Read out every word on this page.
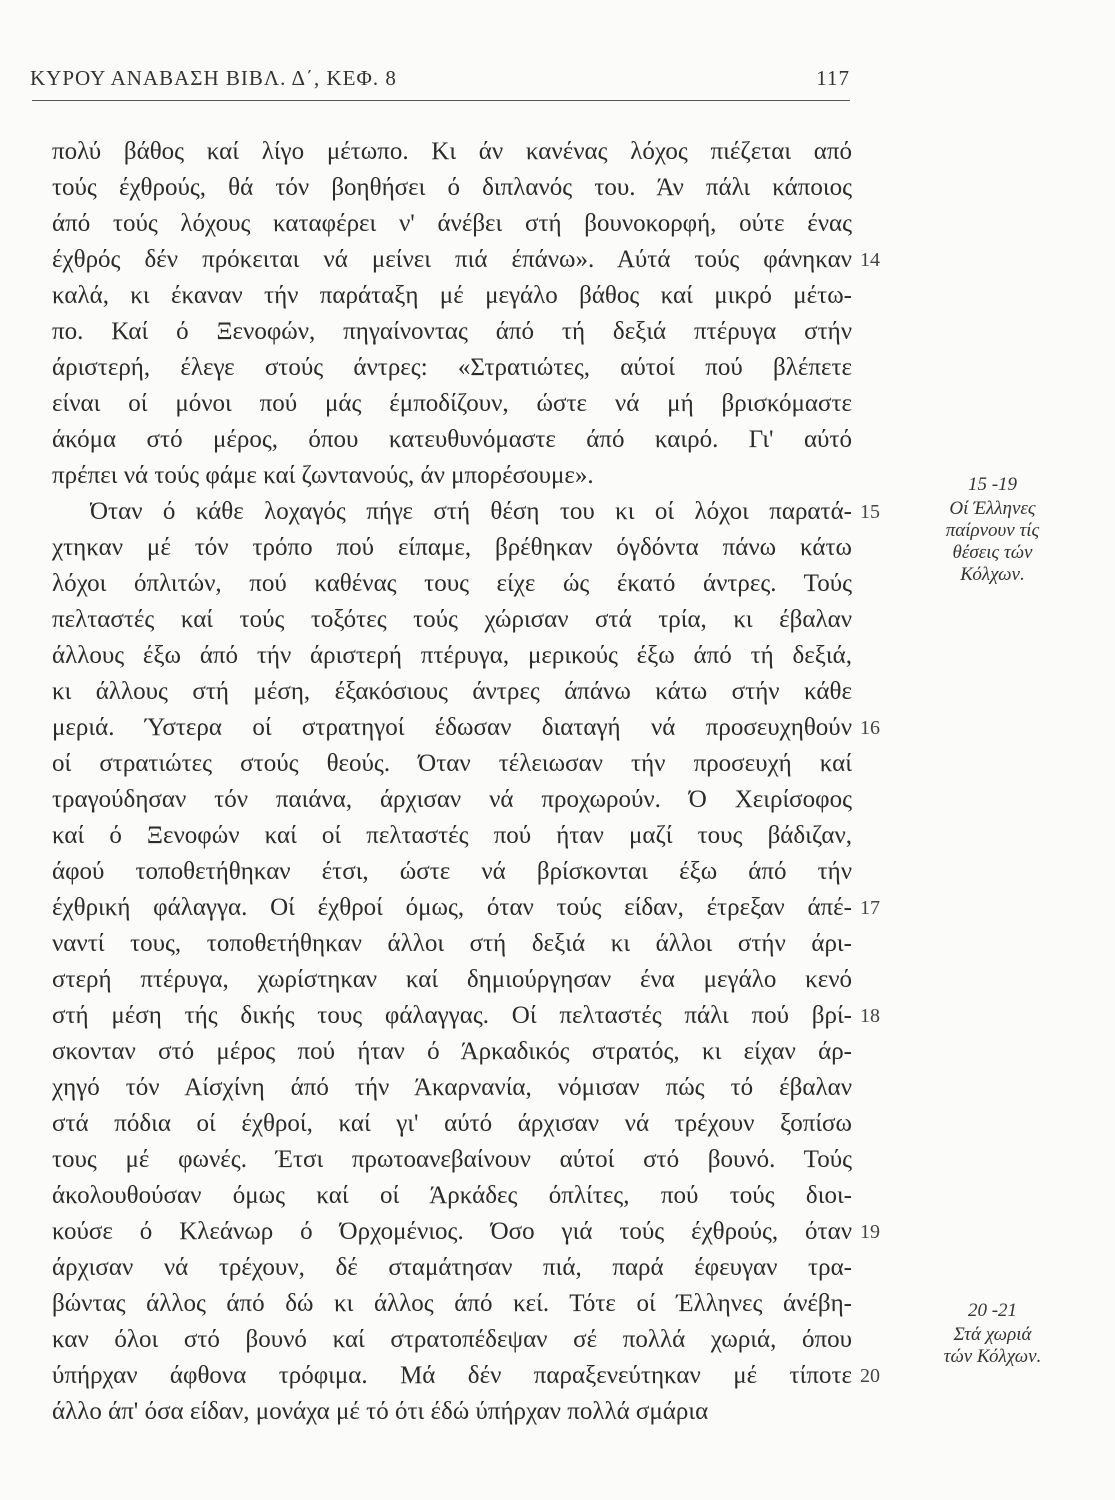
ΚΥΡΟΥ ΑΝΑΒΑΣΗ ΒΙΒΛ. Δ΄, ΚΕΦ. 8	117
πολύ βάθος καί λίγο μέτωπο. Κι άν κανένας λόχος πιέζεται από
τούς έχθρούς, θά τόν βοηθήσει ό διπλανός του. Άν πάλι κάποιος
άπό τούς λόχους καταφέρει ν' άνέβει στή βουνοκορφή, ούτε ένας
έχθρός δέν πρόκειται νά μείνει πιά έπάνω». Αύτά τούς φάνηκαν
καλά, κι έκαναν τήν παράταξη μέ μεγάλο βάθος καί μικρό μέτω-
πο. Καί ό Ξενοφών, πηγαίνοντας άπό τή δεξιά πτέρυγα στήν
άριστερή, έλεγε στούς άντρες: «Στρατιώτες, αύτοί πού βλέπετε
είναι οί μόνοι πού μάς έμποδίζουν, ώστε νά μή βρισκόμαστε
άκόμα στό μέρος, όπου κατευθυνόμαστε άπό καιρό. Γι' αύτό
πρέπει νά τούς φάμε καί ζωντανούς, άν μπορέσουμε».
Όταν ό κάθε λοχαγός πήγε στή θέση του κι οί λόχοι παρατά-
χτηκαν μέ τόν τρόπο πού είπαμε, βρέθηκαν όγδόντα πάνω κάτω
λόχοι όπλιτών, πού καθένας τους είχε ώς έκατό άντρες. Τούς
πελταστές καί τούς τοξότες τούς χώρισαν στά τρία, κι έβαλαν
άλλους έξω άπό τήν άριστερή πτέρυγα, μερικούς έξω άπό τή δεξιά,
κι άλλους στή μέση, έξακόσιους άντρες άπάνω κάτω στήν κάθε
μεριά. Ύστερα οί στρατηγοί έδωσαν διαταγή νά προσευχηθούν
οί στρατιώτες στούς θεούς. Όταν τέλειωσαν τήν προσευχή καί
τραγούδησαν τόν παιάνα, άρχισαν νά προχωρούν. Ό Χειρίσοφος
καί ό Ξενοφών καί οί πελταστές πού ήταν μαζί τους βάδιζαν,
άφού τοποθετήθηκαν έτσι, ώστε νά βρίσκονται έξω άπό τήν
έχθρική φάλαγγα. Οί έχθροί όμως, όταν τούς είδαν, έτρεξαν άπέ-
ναντί τους, τοποθετήθηκαν άλλοι στή δεξιά κι άλλοι στήν άρι-
στερή πτέρυγα, χωρίστηκαν καί δημιούργησαν ένα μεγάλο κενό
στή μέση τής δικής τους φάλαγγας. Οί πελταστές πάλι πού βρί-
σκονταν στό μέρος πού ήταν ό Άρκαδικός στρατός, κι είχαν άρ-
χηγό τόν Αίσχίνη άπό τήν Άκαρνανία, νόμισαν πώς τό έβαλαν
στά πόδια οί έχθροί, καί γι' αύτό άρχισαν νά τρέχουν ξοπίσω
τους μέ φωνές. Έτσι πρωτοανεβαίνουν αύτοί στό βουνό. Τούς
άκολουθούσαν όμως καί οί Άρκάδες όπλίτες, πού τούς διοι-
κούσε ό Κλεάνωρ ό Όρχομένιος. Όσο γιά τούς έχθρούς, όταν
άρχισαν νά τρέχουν, δέ σταμάτησαν πιά, παρά έφευγαν τρα-
βώντας άλλος άπό δώ κι άλλος άπό κεί. Τότε οί Έλληνες άνέβη-
καν όλοι στό βουνό καί στρατοπέδεψαν σέ πολλά χωριά, όπου
ύπήρχαν άφθονα τρόφιμα. Μά δέν παραξενεύτηκαν μέ τίποτε
άλλο άπ' όσα είδαν, μονάχα μέ τό ότι έδώ ύπήρχαν πολλά σμάρια
14
15
16
17
18
19
20
15 -19
Οί Έλληνες
παίρνουν τίς
θέσεις τών
Κόλχων.
20 -21
Στά χωριά
τών Κόλχων.
